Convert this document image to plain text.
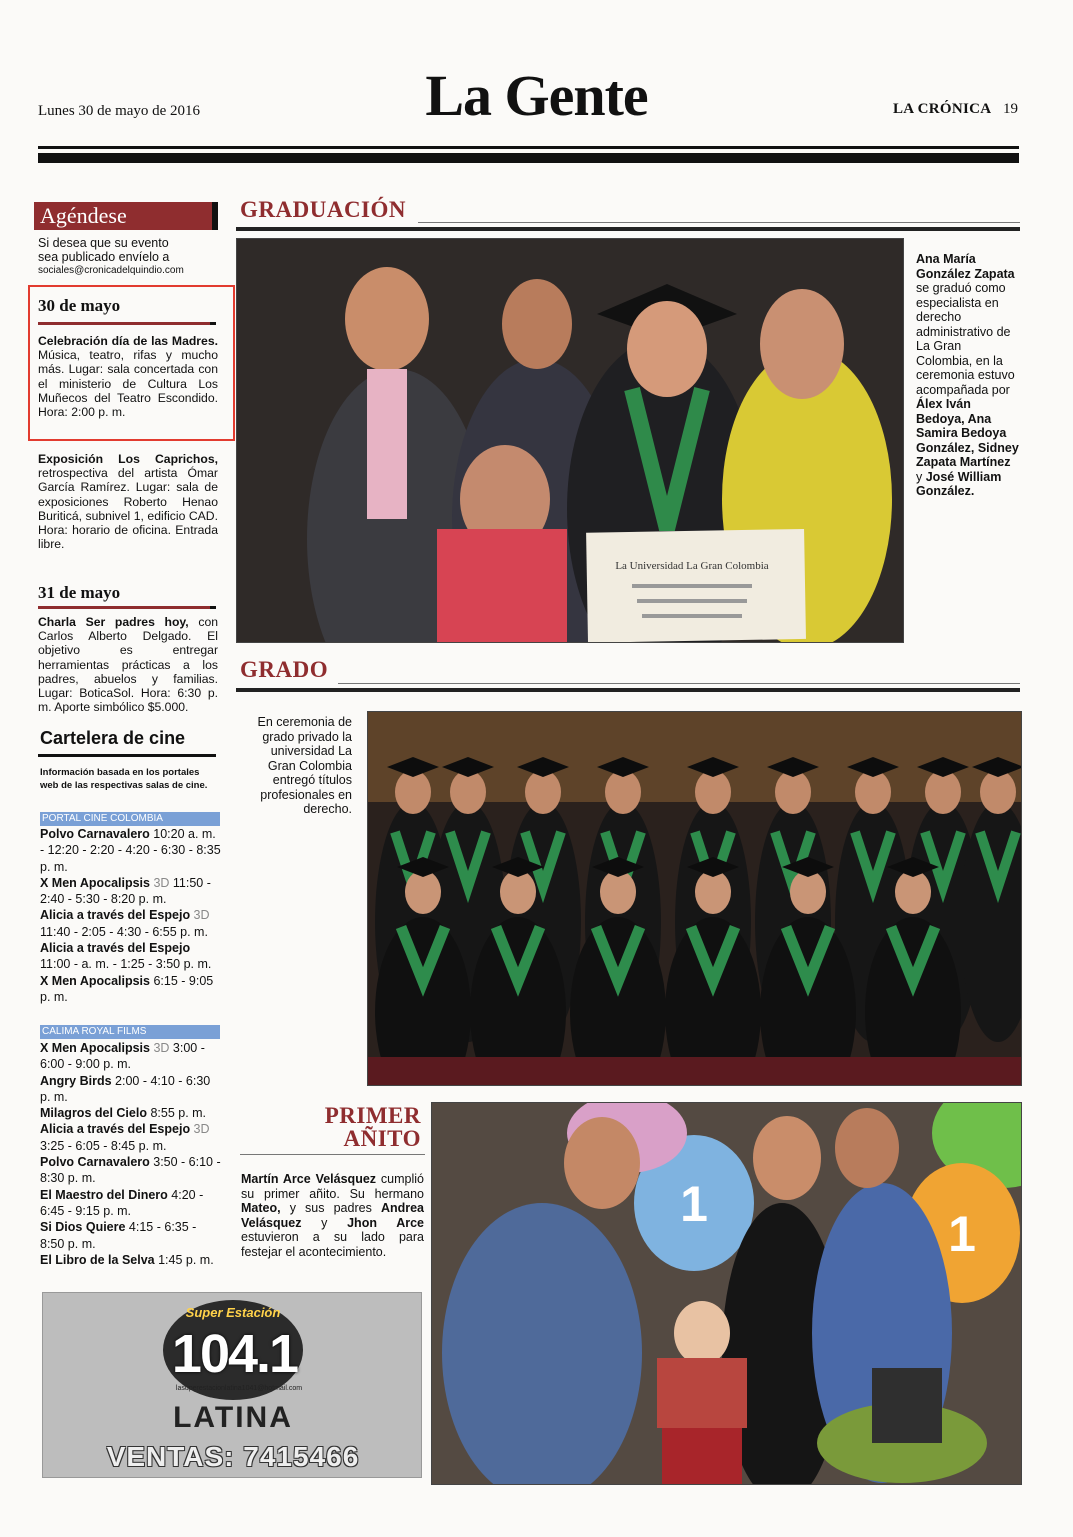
Lunes 30 de mayo de 2016	La Gente	LA CRÓNICA 19
Agéndese
Si desea que su evento
sea publicado envíelo a
sociales@cronicadelquindio.com
30 de mayo
Celebración día de las Madres. Música, teatro, rifas y mucho más. Lugar: sala concertada con el ministerio de Cultura Los Muñecos del Teatro Escondido. Hora: 2:00 p. m.
Exposición Los Caprichos, retrospectiva del artista Ómar García Ramírez. Lugar: sala de exposiciones Roberto Henao Buriticá, subnivel 1, edificio CAD. Hora: horario de oficina. Entrada libre.
31 de mayo
Charla Ser padres hoy, con Carlos Alberto Delgado. El objetivo es entregar herramientas prácticas a los padres, abuelos y familias. Lugar: BoticaSol. Hora: 6:30 p. m. Aporte simbólico $5.000.
Cartelera de cine
Información basada en los portales web de las respectivas salas de cine.
PORTAL CINE COLOMBIA
Polvo Carnavalero 10:20 a. m. - 12:20 - 2:20 - 4:20 - 6:30 - 8:35 p. m.
X Men Apocalipsis 3D 11:50 - 2:40 - 5:30 - 8:20 p. m.
Alicia a través del Espejo 3D 11:40 - 2:05 - 4:30 - 6:55 p. m.
Alicia a través del Espejo 11:00 - a. m. - 1:25 - 3:50 p. m.
X Men Apocalipsis 6:15 - 9:05 p. m.
CALIMA ROYAL FILMS
X Men Apocalipsis 3D 3:00 - 6:00 - 9:00 p. m.
Angry Birds 2:00 - 4:10 - 6:30 p. m.
Milagros del Cielo 8:55 p. m.
Alicia a través del Espejo 3D 3:25 - 6:05 - 8:45 p. m.
Polvo Carnavalero 3:50 - 6:10 - 8:30 p. m.
El Maestro del Dinero 4:20 - 6:45 - 9:15 p. m.
Si Dios Quiere 4:15 - 6:35 - 8:50 p. m.
El Libro de la Selva 1:45 p. m.
Super Estación
104.1
lasuperestacionlatina1041@hotmail.com
LATINA
VENTAS: 7415466
GRADUACIÓN
La Universidad La Gran Colombia
Ana María González Zapata se graduó como especialista en derecho administrativo de La Gran Colombia, en la ceremonia estuvo acompañada por Álex Iván Bedoya, Ana Samira Bedoya González, Sidney Zapata Martínez y José William González.
GRADO
En ceremonia de grado privado la universidad La Gran Colombia entregó títulos profesionales en derecho.
PRIMER
AÑITO
Martín Arce Velásquez cumplió su primer añito. Su hermano Mateo, y sus padres Andrea Velásquez y Jhon Arce estuvieron a su lado para festejar el acontecimiento.
1
1
